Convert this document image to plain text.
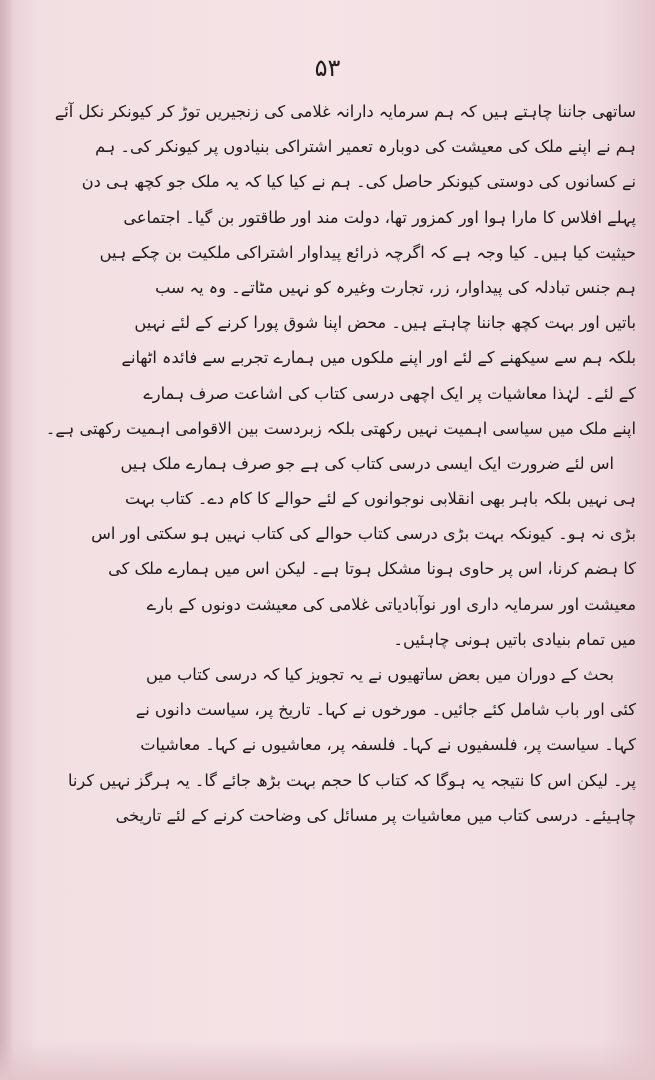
۵۳
ساتھی جاننا چاہتے ہیں کہ ہم سرمایہ دارانہ غلامی کی زنجیریں توڑ کر کیونکر نکل آئے
ہم نے اپنے ملک کی معیشت کی دوبارہ تعمیر اشتراکی بنیادوں پر کیونکر کی۔ ہم
نے کسانوں کی دوستی کیونکر حاصل کی۔ ہم نے کیا کیا کہ یہ ملک جو کچھ ہی دن
پہلے افلاس کا مارا ہوا اور کمزور تھا، دولت مند اور طاقتور بن گیا۔ اجتماعی
حیثیت کیا ہیں۔ کیا وجہ ہے کہ اگرچہ ذرائع پیداوار اشتراکی ملکیت بن چکے ہیں
ہم جنس تبادلہ کی پیداوار، زر، تجارت وغیرہ کو نہیں مٹاتے۔ وہ یہ سب
باتیں اور بہت کچھ جاننا چاہتے ہیں۔ محض اپنا شوق پورا کرنے کے لئے نہیں
بلکہ ہم سے سیکھنے کے لئے اور اپنے ملکوں میں ہمارے تجربے سے فائدہ اٹھانے
کے لئے۔ لہٰذا معاشیات پر ایک اچھی درسی کتاب کی اشاعت صرف ہمارے
اپنے ملک میں سیاسی اہمیت نہیں رکھتی بلکہ زبردست بین الاقوامی اہمیت رکھتی ہے۔
اس لئے ضرورت ایک ایسی درسی کتاب کی ہے جو صرف ہمارے ملک ہیں
ہی نہیں بلکہ باہر بھی انقلابی نوجوانوں کے لئے حوالے کا کام دے۔ کتاب بہت
بڑی نہ ہو۔ کیونکہ بہت بڑی درسی کتاب حوالے کی کتاب نہیں ہو سکتی اور اس
کا ہضم کرنا، اس پر حاوی ہونا مشکل ہوتا ہے۔ لیکن اس میں ہمارے ملک کی
معیشت اور سرمایہ داری اور نوآبادیاتی غلامی کی معیشت دونوں کے بارے
میں تمام بنیادی باتیں ہونی چاہئیں۔
بحث کے دوران میں بعض ساتھیوں نے یہ تجویز کیا کہ درسی کتاب میں
کئی اور باب شامل کئے جائیں۔ مورخوں نے کہا۔ تاریخ پر، سیاست دانوں نے
کہا۔ سیاست پر، فلسفیوں نے کہا۔ فلسفہ پر، معاشیوں نے کہا۔ معاشیات
پر۔ لیکن اس کا نتیجہ یہ ہوگا کہ کتاب کا حجم بہت بڑھ جائے گا۔ یہ ہرگز نہیں کرنا
چاہیئے۔ درسی کتاب میں معاشیات پر مسائل کی وضاحت کرنے کے لئے تاریخی
